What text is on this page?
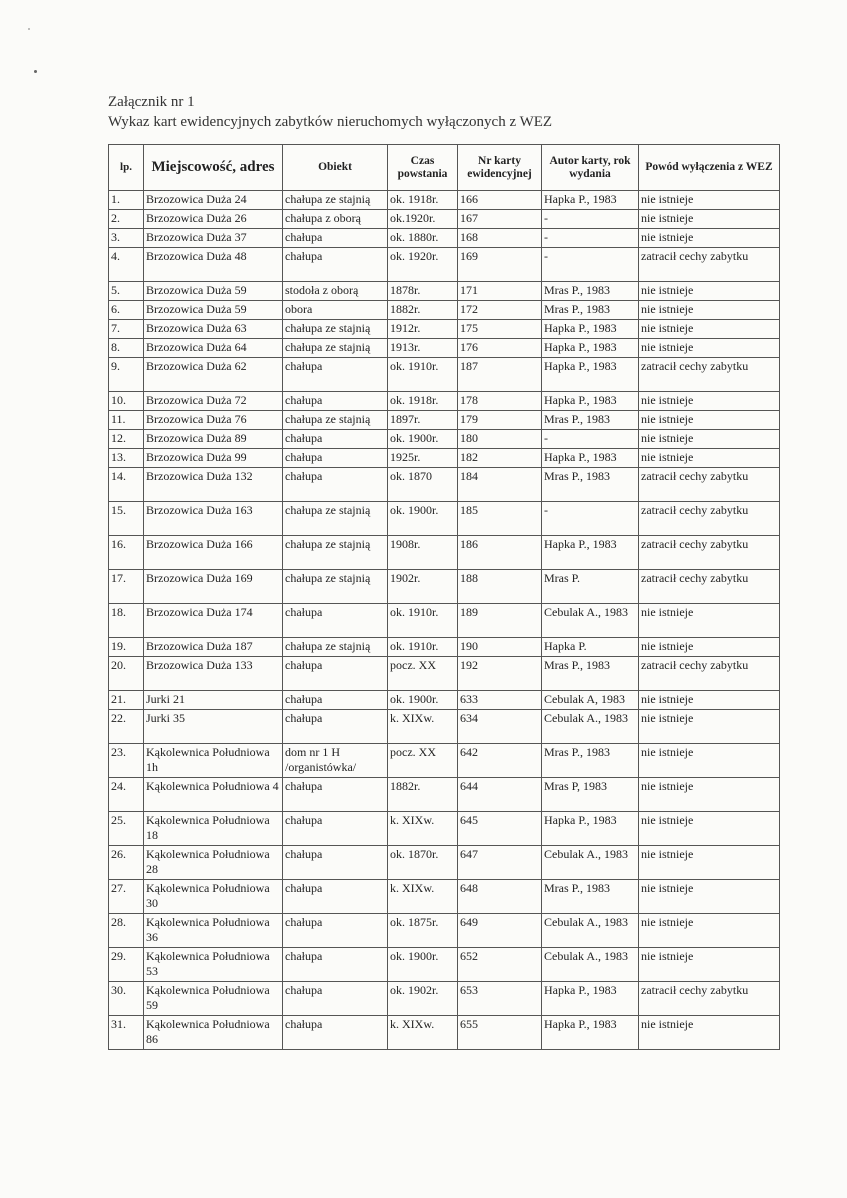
Załącznik nr 1
Wykaz kart ewidencyjnych zabytków nieruchomych wyłączonych z WEZ
lp.	Miejscowość, adres	Obiekt	Czas powstania	Nr karty ewidencyjnej	Autor karty, rok wydania	Powód wyłączenia z WEZ
1.	Brzozowica Duża 24	chałupa ze stajnią	ok. 1918r.	166	Hapka P., 1983	nie istnieje
2.	Brzozowica Duża 26	chałupa z oborą	ok.1920r.	167	-	nie istnieje
3.	Brzozowica Duża 37	chałupa	ok. 1880r.	168	-	nie istnieje
4.	Brzozowica Duża 48	chałupa	ok. 1920r.	169	-	zatracił cechy zabytku
5.	Brzozowica Duża 59	stodoła z oborą	1878r.	171	Mras P., 1983	nie istnieje
6.	Brzozowica Duża 59	obora	1882r.	172	Mras P., 1983	nie istnieje
7.	Brzozowica Duża 63	chałupa ze stajnią	1912r.	175	Hapka P., 1983	nie istnieje
8.	Brzozowica Duża 64	chałupa ze stajnią	1913r.	176	Hapka P., 1983	nie istnieje
9.	Brzozowica Duża 62	chałupa	ok. 1910r.	187	Hapka P., 1983	zatracił cechy zabytku
10.	Brzozowica Duża 72	chałupa	ok. 1918r.	178	Hapka P., 1983	nie istnieje
11.	Brzozowica Duża 76	chałupa ze stajnią	1897r.	179	Mras P., 1983	nie istnieje
12.	Brzozowica Duża 89	chałupa	ok. 1900r.	180	-	nie istnieje
13.	Brzozowica Duża 99	chałupa	1925r.	182	Hapka P., 1983	nie istnieje
14.	Brzozowica Duża 132	chałupa	ok. 1870	184	Mras P., 1983	zatracił cechy zabytku
15.	Brzozowica Duża 163	chałupa ze stajnią	ok. 1900r.	185	-	zatracił cechy zabytku
16.	Brzozowica Duża 166	chałupa ze stajnią	1908r.	186	Hapka P., 1983	zatracił cechy zabytku
17.	Brzozowica Duża 169	chałupa ze stajnią	1902r.	188	Mras P.	zatracił cechy zabytku
18.	Brzozowica Duża 174	chałupa	ok. 1910r.	189	Cebulak A., 1983	nie istnieje
19.	Brzozowica Duża 187	chałupa ze stajnią	ok. 1910r.	190	Hapka P.	nie istnieje
20.	Brzozowica Duża 133	chałupa	pocz. XX	192	Mras P., 1983	zatracił cechy zabytku
21.	Jurki 21	chałupa	ok. 1900r.	633	Cebulak A, 1983	nie istnieje
22.	Jurki 35	chałupa	k. XIXw.	634	Cebulak A., 1983	nie istnieje
23.	Kąkolewnica Południowa 1h	dom nr 1 H /organistówka/	pocz. XX	642	Mras P., 1983	nie istnieje
24.	Kąkolewnica Południowa 4	chałupa	1882r.	644	Mras P, 1983	nie istnieje
25.	Kąkolewnica Południowa 18	chałupa	k. XIXw.	645	Hapka P., 1983	nie istnieje
26.	Kąkolewnica Południowa 28	chałupa	ok. 1870r.	647	Cebulak A., 1983	nie istnieje
27.	Kąkolewnica Południowa 30	chałupa	k. XIXw.	648	Mras P., 1983	nie istnieje
28.	Kąkolewnica Południowa 36	chałupa	ok. 1875r.	649	Cebulak A., 1983	nie istnieje
29.	Kąkolewnica Południowa 53	chałupa	ok. 1900r.	652	Cebulak A., 1983	nie istnieje
30.	Kąkolewnica Południowa 59	chałupa	ok. 1902r.	653	Hapka P., 1983	zatracił cechy zabytku
31.	Kąkolewnica Południowa 86	chałupa	k. XIXw.	655	Hapka P., 1983	nie istnieje
